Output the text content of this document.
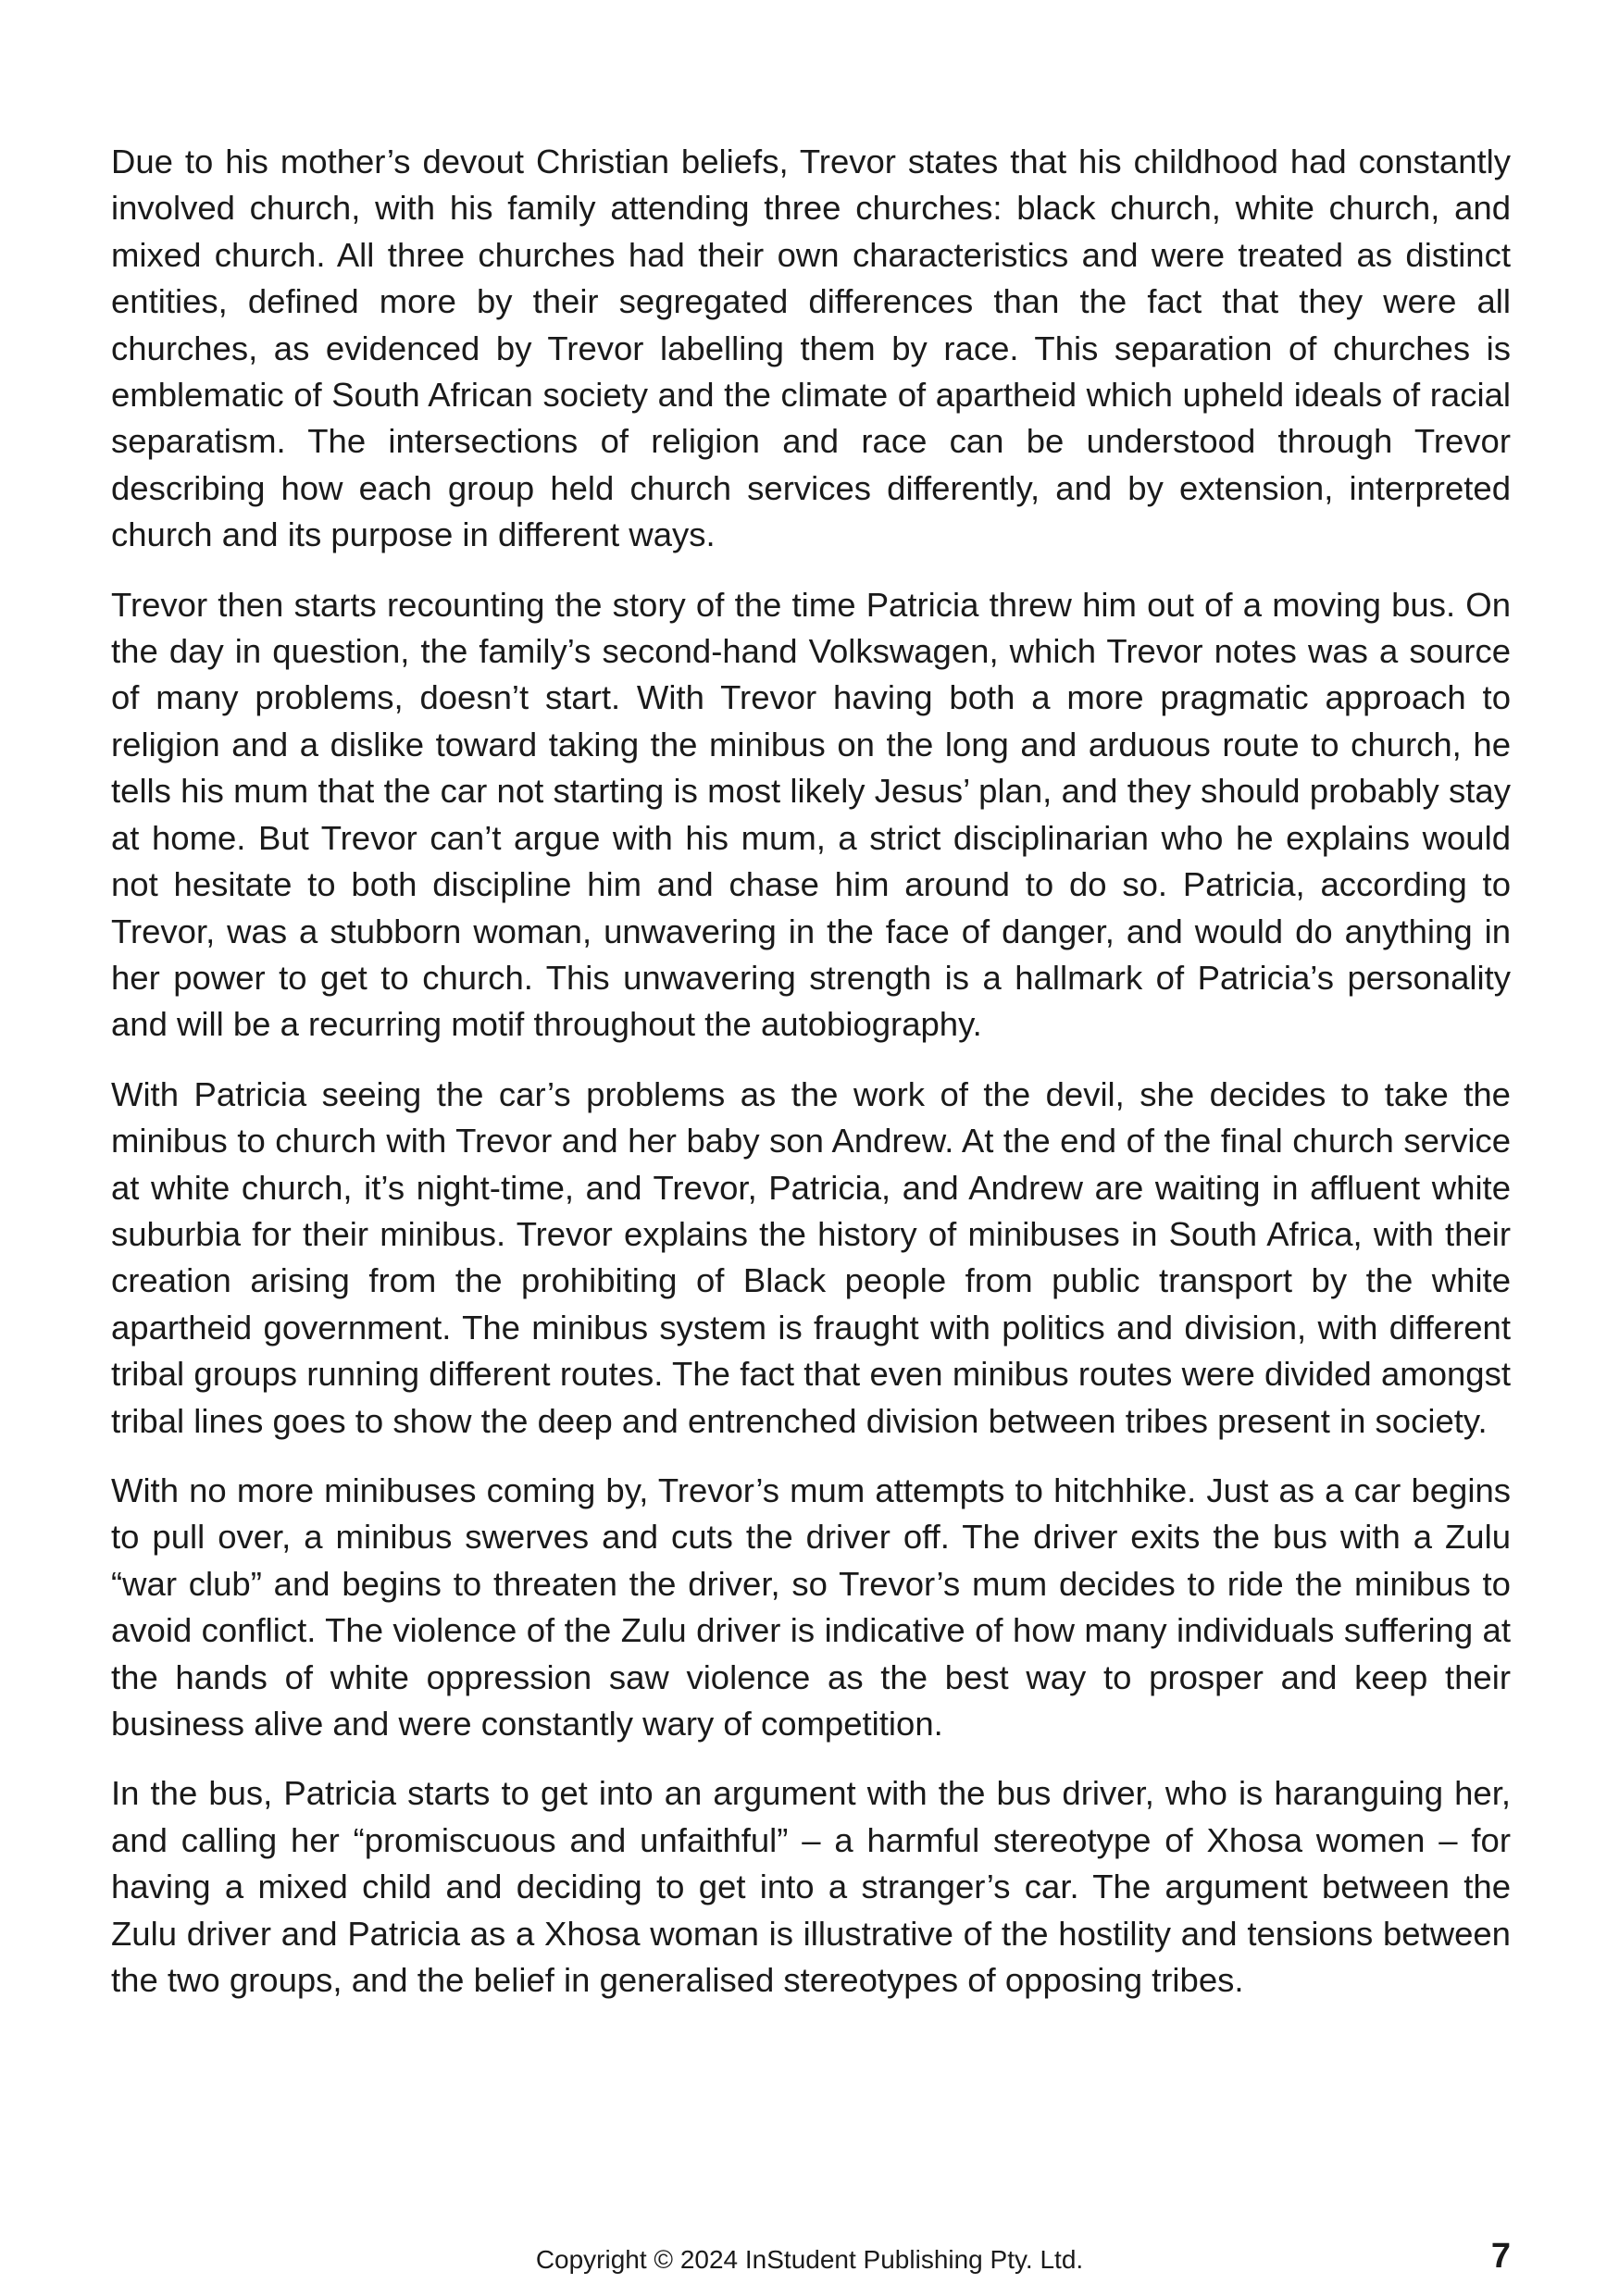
Due to his mother’s devout Christian beliefs, Trevor states that his childhood had constantly involved church, with his family attending three churches: black church, white church, and mixed church. All three churches had their own characteristics and were treated as distinct entities, defined more by their segregated differences than the fact that they were all churches, as evidenced by Trevor labelling them by race. This separation of churches is emblematic of South African society and the climate of apartheid which upheld ideals of racial separatism. The intersections of religion and race can be understood through Trevor describing how each group held church services differently, and by extension, interpreted church and its purpose in different ways.

Trevor then starts recounting the story of the time Patricia threw him out of a moving bus. On the day in question, the family’s second-hand Volkswagen, which Trevor notes was a source of many problems, doesn’t start. With Trevor having both a more pragmatic approach to religion and a dislike toward taking the minibus on the long and arduous route to church, he tells his mum that the car not starting is most likely Jesus’ plan, and they should probably stay at home. But Trevor can’t argue with his mum, a strict disciplinarian who he explains would not hesitate to both discipline him and chase him around to do so. Patricia, according to Trevor, was a stubborn woman, unwavering in the face of danger, and would do anything in her power to get to church. This unwavering strength is a hallmark of Patricia’s personality and will be a recurring motif throughout the autobiography.

With Patricia seeing the car’s problems as the work of the devil, she decides to take the minibus to church with Trevor and her baby son Andrew. At the end of the final church service at white church, it’s night-time, and Trevor, Patricia, and Andrew are waiting in affluent white suburbia for their minibus. Trevor explains the history of minibuses in South Africa, with their creation arising from the prohibiting of Black people from public transport by the white apartheid government. The minibus system is fraught with politics and division, with different tribal groups running different routes. The fact that even minibus routes were divided amongst tribal lines goes to show the deep and entrenched division between tribes present in society.

With no more minibuses coming by, Trevor’s mum attempts to hitchhike. Just as a car begins to pull over, a minibus swerves and cuts the driver off. The driver exits the bus with a Zulu “war club” and begins to threaten the driver, so Trevor’s mum decides to ride the minibus to avoid conflict. The violence of the Zulu driver is indicative of how many individuals suffering at the hands of white oppression saw violence as the best way to prosper and keep their business alive and were constantly wary of competition.

In the bus, Patricia starts to get into an argument with the bus driver, who is haranguing her, and calling her “promiscuous and unfaithful” – a harmful stereotype of Xhosa women – for having a mixed child and deciding to get into a stranger’s car. The argument between the Zulu driver and Patricia as a Xhosa woman is illustrative of the hostility and tensions between the two groups, and the belief in generalised stereotypes of opposing tribes.

Copyright © 2024 InStudent Publishing Pty. Ltd.	7
